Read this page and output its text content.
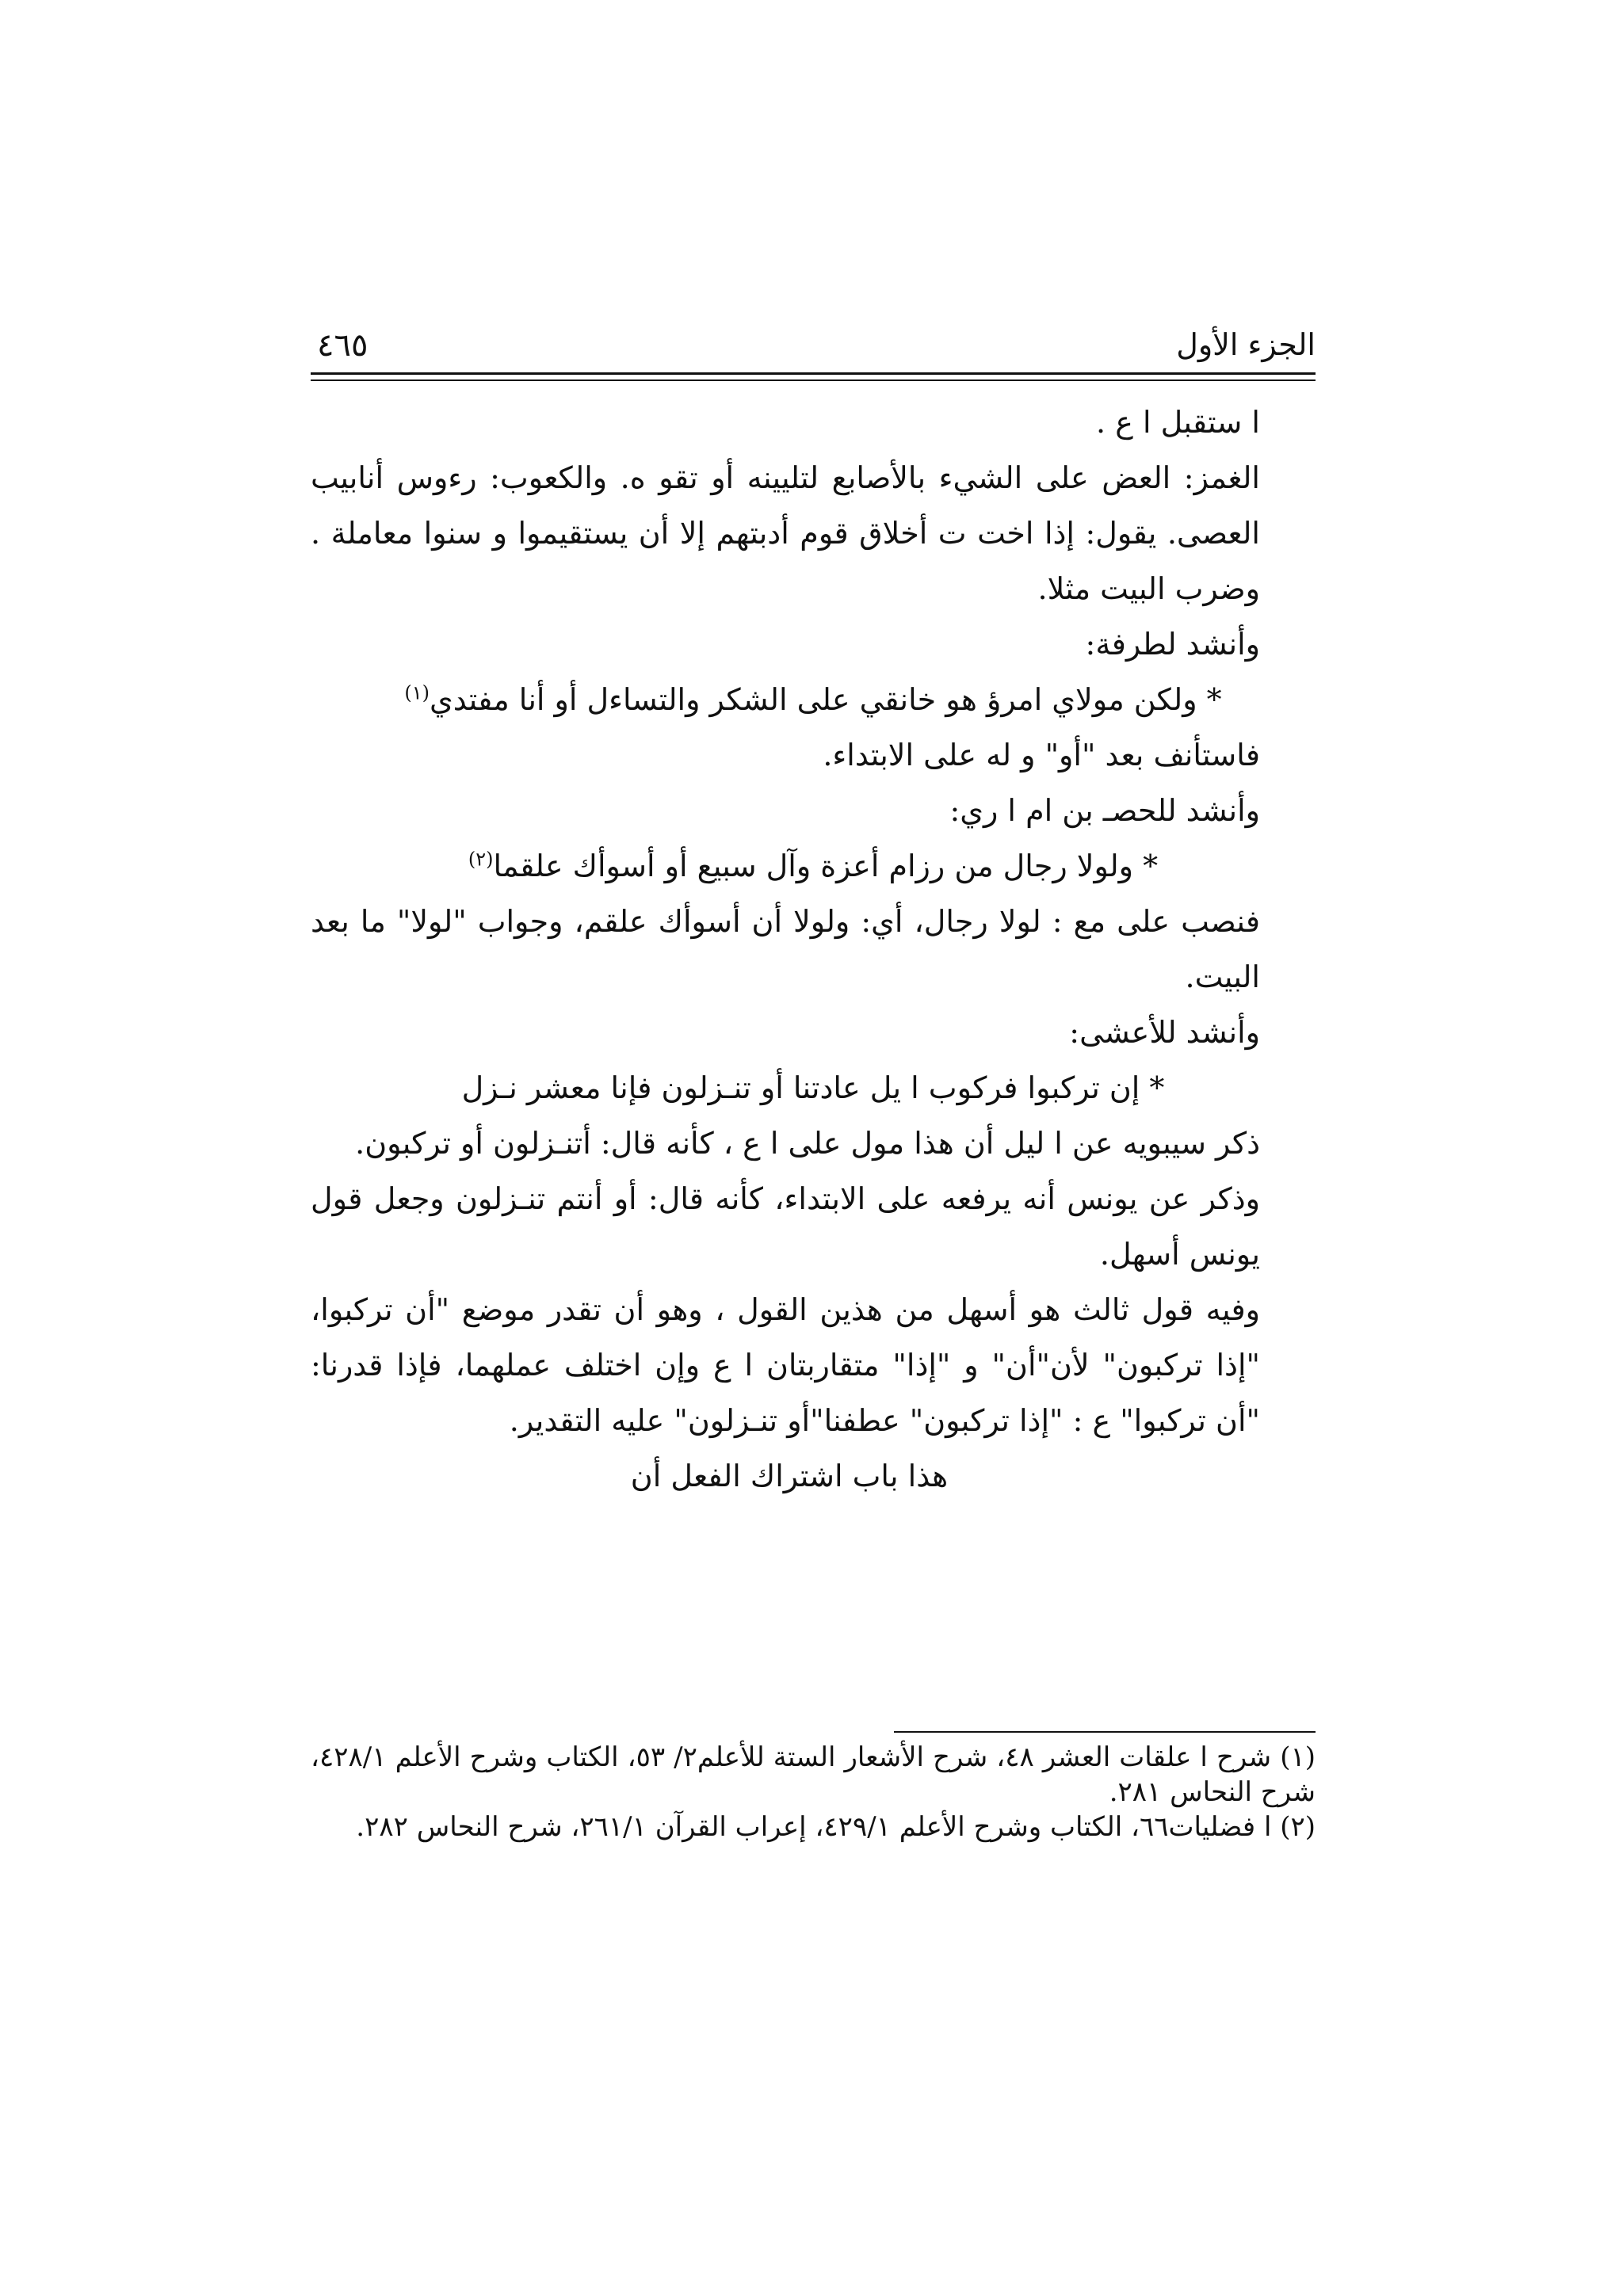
الجزء الأول
٤٦٥

ا ستقبل ا ع .

الغمز: العض على الشيء بالأصابع لتليينه أو تقو ه. والكعوب: رءوس أنابيب العصى. يقول: إذا اخت ت أخلاق قوم أدبتهم إلا أن يستقيموا و سنوا معاملة . وضرب البيت مثلا.

وأنشد لطرفة:

* ولكن مولاي امرؤ هو خانقي على الشكر والتساءل أو أنا مفتدي$^{(١)}$

فاستأنف بعد "أو" و له على الابتداء.

وأنشد للحصـ بن ام ا ري:

* ولولا رجال من رزام أعزة وآل سبيع أو أسوأك علقما$^{(٢)}$

فنصب على مع : لولا رجال، أي: ولولا أن أسوأك علقم، وجواب "لولا" ما بعد البيت.

وأنشد للأعشى:

* إن تركبوا فركوب ا يل عادتنا أو تنـزلون فإنا معشر نـزل

ذكر سيبويه عن ا ليل أن هذا مول على ا ع ، كأنه قال: أتنـزلون أو تركبون.

وذكر عن يونس أنه يرفعه على الابتداء، كأنه قال: أو أنتم تنـزلون وجعل قول يونس أسهل.

وفيه قول ثالث هو أسهل من هذين القول ، وهو أن تقدر موضع "أن تركبوا، "إذا تركبون" لأن"أن" و "إذا" متقاربتان ا ع وإن اختلف عملهما، فإذا قدرنا: "أن تركبوا" ع : "إذا تركبون" عطفنا"أو تنـزلون" عليه التقدير.

هذا باب اشتراك الفعل أن

(١) شرح ا علقات العشر ٤٨، شرح الأشعار الستة للأعلم٢/ ٥٣، الكتاب وشرح الأعلم ٤٢٨/١، شرح النحاس ٢٨١.

(٢) ا فضليات٦٦، الكتاب وشرح الأعلم ٤٢٩/١، إعراب القرآن ٢٦١/١، شرح النحاس ٢٨٢.
